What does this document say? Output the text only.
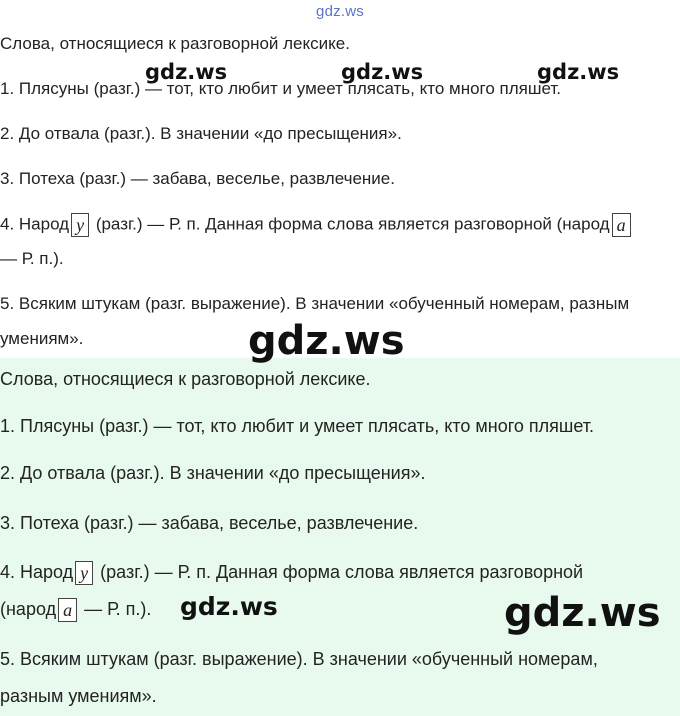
gdz.ws

Слова, относящиеся к разговорной лексике.

1. Плясуны (разг.) — тот, кто любит и умеет плясать, кто много пляшет.

2. До отвала (разг.). В значении «до пресыщения».

3. Потеха (разг.) — забава, веселье, развлечение.

4. Народ у (разг.) — Р. п. Данная форма слова является разговорной (народ а

— Р. п.).

5. Всяким штукам (разг. выражение). В значении «обученный номерам, разным

умениям».

gdz.ws	gdz.ws	gdz.ws

Слова, относящиеся к разговорной лексике.

1. Плясуны (разг.) — тот, кто любит и умеет плясать, кто много пляшет.

2. До отвала (разг.). В значении «до пресыщения».

3. Потеха (разг.) — забава, веселье, развлечение.

4. Народ у (разг.) — Р. п. Данная форма слова является разговорной

(народ а — Р. п.).

5. Всяким штукам (разг. выражение). В значении «обученный номерам,

разным умениям».

gdz.ws	gdz.ws
gdz.ws
